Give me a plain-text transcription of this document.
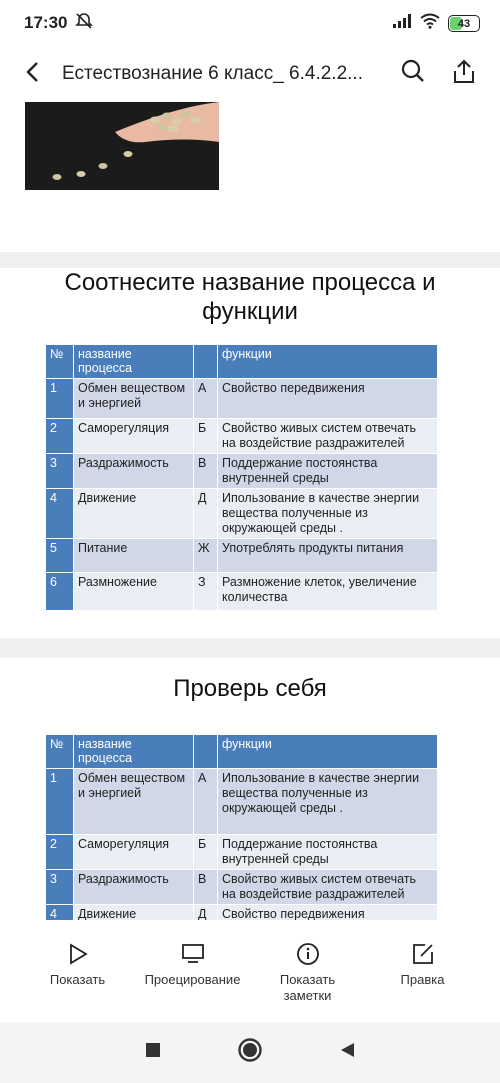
17:30	43
Естествознание 6 класс_ 6.4.2.2...
Соотнесите название процесса и функции
№	название процесса		функции
1	Обмен веществом и энергией	А	Свойство передвижения
2	Саморегуляция	Б	Свойство живых систем отвечать на воздействие раздражителей
3	Раздражимость	В	Поддержание постоянства внутренней среды
4	Движение	Д	Ипользование в качестве энергии вещества полученные из окружающей среды .
5	Питание	Ж	Употреблять продукты питания
6	Размножение	З	Размножение клеток, увеличение количества
Проверь себя
№	название процесса		функции
1	Обмен веществом и энергией	А	Ипользование в качестве энергии вещества полученные из окружающей среды .
2	Саморегуляция	Б	Поддержание постоянства внутренней среды
3	Раздражимость	В	Свойство живых систем отвечать на воздействие раздражителей
4	Движение	Д	Свойство передвижения
Показать	Проецирование	Показать заметки
Правка
